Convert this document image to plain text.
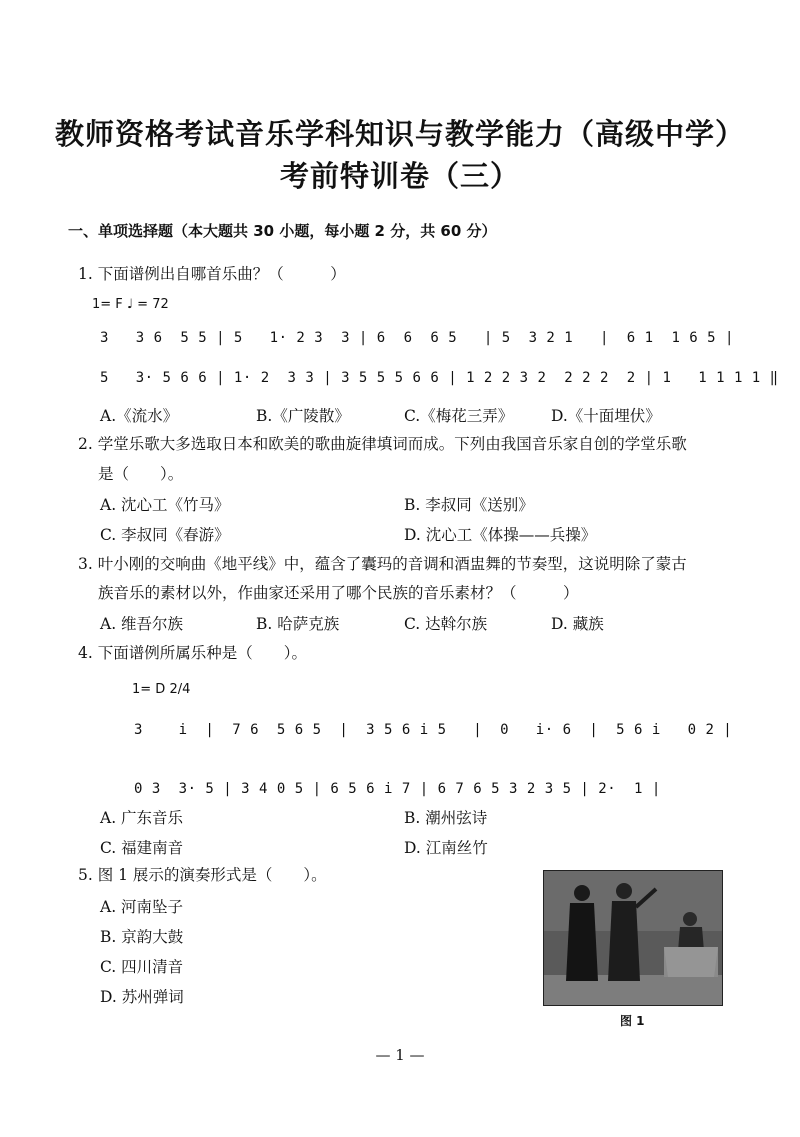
教师资格考试音乐学科知识与教学能力（高级中学）
考前特训卷（三）
一、单项选择题（本大题共 30 小题，每小题 2 分，共 60 分）
1. 下面谱例出自哪首乐曲？（　　　）
1= F ♩ = 72
3   3 6  5 5 | 5   1· 2 3  3 | 6  6  6 5   | 5  3 2 1   |  6 1  1 6 5 |
5   3· 5 6 6 | 1· 2  3 3 | 3 5 5 5 6 6 | 1 2 2 3 2  2 2 2  2 | 1   1 1 1 1 ‖
A.《流水》	B.《广陵散》	C.《梅花三弄》 D.《十面埋伏》
2. 学堂乐歌大多选取日本和欧美的歌曲旋律填词而成。下列由我国音乐家自创的学堂乐歌
是（　　）。
A. 沈心工《竹马》	B. 李叔同《送别》
C. 李叔同《春游》	D. 沈心工《体操——兵操》
3. 叶小刚的交响曲《地平线》中，蕴含了囊玛的音调和酒盅舞的节奏型，这说明除了蒙古
族音乐的素材以外，作曲家还采用了哪个民族的音乐素材？（　　　）
A. 维吾尔族	B. 哈萨克族	C. 达斡尔族	D. 藏族
4. 下面谱例所属乐种是（　　）。
1= D 2/4
3    i  |  7 6  5 6 5  |  3 5 6 i 5   |  0   i· 6  |  5 6 i   0 2 |
0 3  3· 5 | 3 4 0 5 | 6 5 6 i 7 | 6 7 6 5 3 2 3 5 | 2·  1 |
A. 广东音乐	B. 潮州弦诗
C. 福建南音	D. 江南丝竹
5. 图 1 展示的演奏形式是（　　）。
A. 河南坠子
B. 京韵大鼓
C. 四川清音
D. 苏州弹词
图 1
— 1 —
